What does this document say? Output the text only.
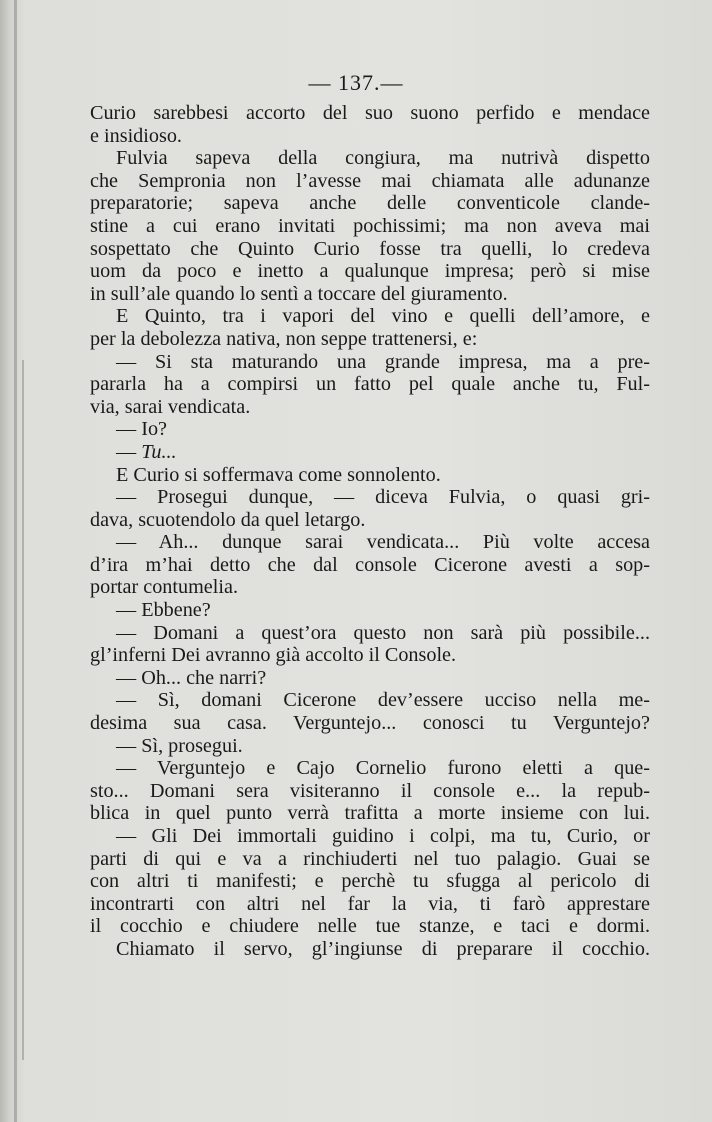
— 137.—
Curio sarebbesi accorto del suo suono perfido e mendace
e insidioso.
Fulvia sapeva della congiura, ma nutrivà dispetto
che Sempronia non l’avesse mai chiamata alle adunanze
preparatorie; sapeva anche delle conventicole clande-
stine a cui erano invitati pochissimi; ma non aveva mai
sospettato che Quinto Curio fosse tra quelli, lo credeva
uom da poco e inetto a qualunque impresa; però si mise
in sull’ale quando lo sentì a toccare del giuramento.
E Quinto, tra i vapori del vino e quelli dell’amore, e
per la debolezza nativa, non seppe trattenersi, e:
— Si sta maturando una grande impresa, ma a pre-
pararla ha a compirsi un fatto pel quale anche tu, Ful-
via, sarai vendicata.
— Io?
— Tu...
E Curio si soffermava come sonnolento.
— Prosegui dunque, — diceva Fulvia, o quasi gri-
dava, scuotendolo da quel letargo.
— Ah... dunque sarai vendicata... Più volte accesa
d’ira m’hai detto che dal console Cicerone avesti a sop-
portar contumelia.
— Ebbene?
— Domani a quest’ora questo non sarà più possibile...
gl’inferni Dei avranno già accolto il Console.
— Oh... che narri?
— Sì, domani Cicerone dev’essere ucciso nella me-
desima sua casa. Verguntejo... conosci tu Verguntejo?
— Sì, prosegui.
— Verguntejo e Cajo Cornelio furono eletti a que-
sto... Domani sera visiteranno il console e... la repub-
blica in quel punto verrà trafitta a morte insieme con lui.
— Gli Dei immortali guidino i colpi, ma tu, Curio, or
parti di qui e va a rinchiuderti nel tuo palagio. Guai se
con altri ti manifesti; e perchè tu sfugga al pericolo di
incontrarti con altri nel far la via, ti farò apprestare
il cocchio e chiudere nelle tue stanze, e taci e dormi.
Chiamato il servo, gl’ingiunse di preparare il cocchio.
